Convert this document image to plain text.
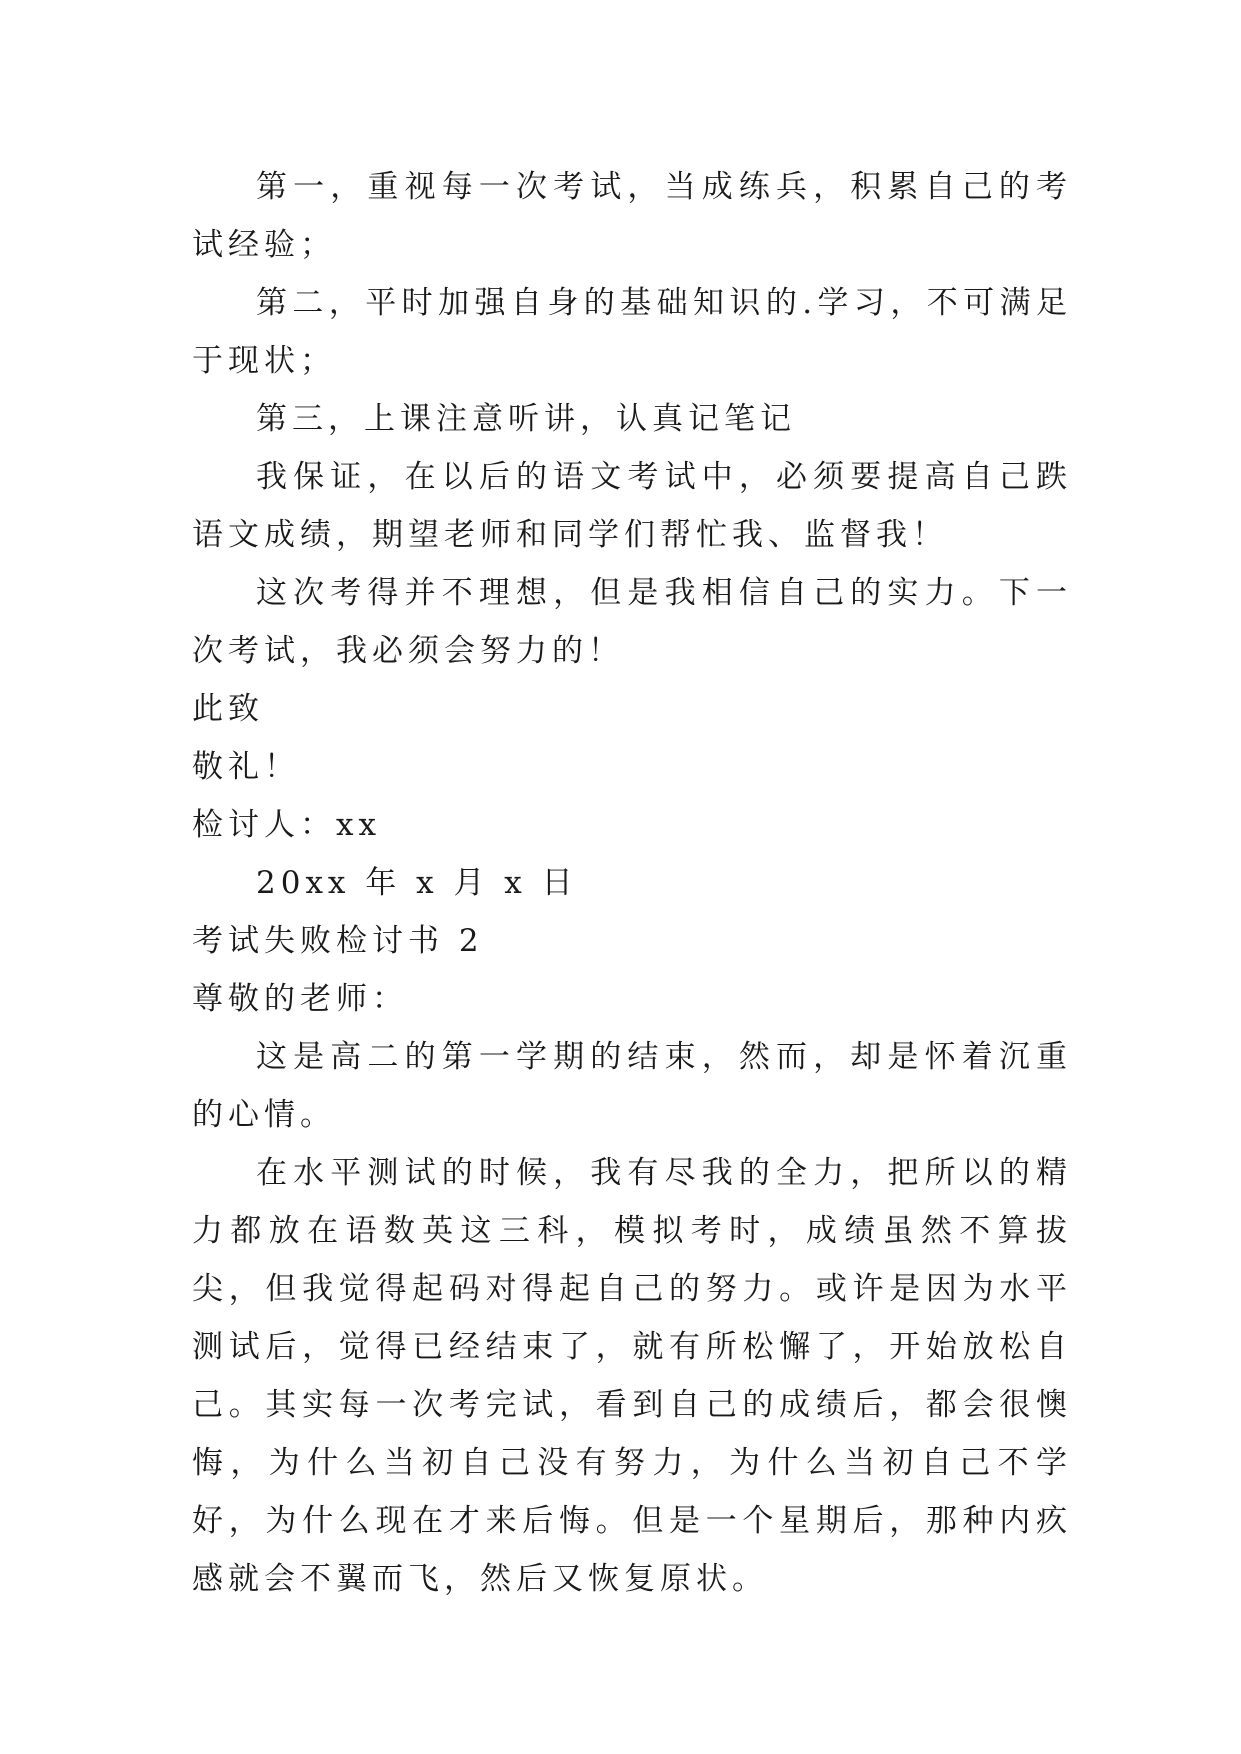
第一，重视每一次考试，当成练兵，积累自己的考试经验；

第二，平时加强自身的基础知识的.学习，不可满足于现状；

第三，上课注意听讲，认真记笔记

我保证，在以后的语文考试中，必须要提高自己跌语文成绩，期望老师和同学们帮忙我、监督我！

这次考得并不理想，但是我相信自己的实力。下一次考试，我必须会努力的！

此致

敬礼！

检讨人：xx

20xx 年 x 月 x 日

考试失败检讨书 2

尊敬的老师：

这是高二的第一学期的结束，然而，却是怀着沉重的心情。

在水平测试的时候，我有尽我的全力，把所以的精力都放在语数英这三科，模拟考时，成绩虽然不算拔尖，但我觉得起码对得起自己的努力。或许是因为水平测试后，觉得已经结束了，就有所松懈了，开始放松自己。其实每一次考完试，看到自己的成绩后，都会很懊悔，为什么当初自己没有努力，为什么当初自己不学好，为什么现在才来后悔。但是一个星期后，那种内疚感就会不翼而飞，然后又恢复原状。
